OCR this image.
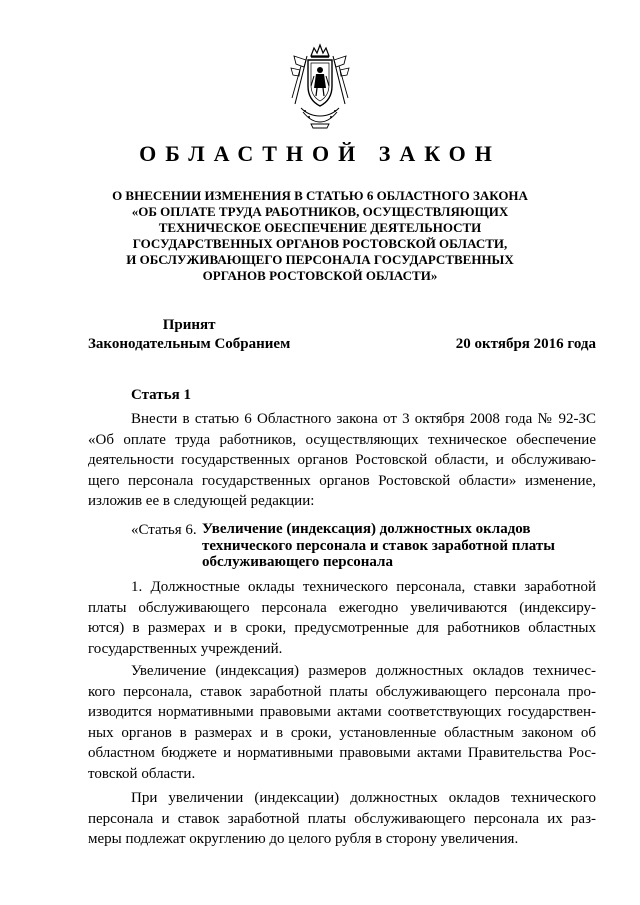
ОБЛАСТНОЙ ЗАКОН
О ВНЕСЕНИИ ИЗМЕНЕНИЯ В СТАТЬЮ 6 ОБЛАСТНОГО ЗАКОНА
«ОБ ОПЛАТЕ ТРУДА РАБОТНИКОВ, ОСУЩЕСТВЛЯЮЩИХ
ТЕХНИЧЕСКОЕ ОБЕСПЕЧЕНИЕ ДЕЯТЕЛЬНОСТИ
ГОСУДАРСТВЕННЫХ ОРГАНОВ РОСТОВСКОЙ ОБЛАСТИ,
И ОБСЛУЖИВАЮЩЕГО ПЕРСОНАЛА ГОСУДАРСТВЕННЫХ
ОРГАНОВ РОСТОВСКОЙ ОБЛАСТИ»
Принят
Законодательным Собранием	20 октября 2016 года
Статья 1
Внести в статью 6 Областного закона от 3 октября 2008 года № 92-ЗС
«Об оплате труда работников, осуществляющих техническое обеспечение
деятельности государственных органов Ростовской области, и обслуживаю-
щего персонала государственных органов Ростовской области» изменение,
изложив ее в следующей редакции:
«Статья 6. Увеличение (индексация) должностных окладов
технического персонала и ставок заработной платы
обслуживающего персонала
1. Должностные оклады технического персонала, ставки заработной
платы обслуживающего персонала ежегодно увеличиваются (индексиру-
ются) в размерах и в сроки, предусмотренные для работников областных
государственных учреждений.
Увеличение (индексация) размеров должностных окладов техничес-
кого персонала, ставок заработной платы обслуживающего персонала про-
изводится нормативными правовыми актами соответствующих государствен-
ных органов в размерах и в сроки, установленные областным законом об
областном бюджете и нормативными правовыми актами Правительства Рос-
товской области.
При увеличении (индексации) должностных окладов технического
персонала и ставок заработной платы обслуживающего персонала их раз-
меры подлежат округлению до целого рубля в сторону увеличения.
